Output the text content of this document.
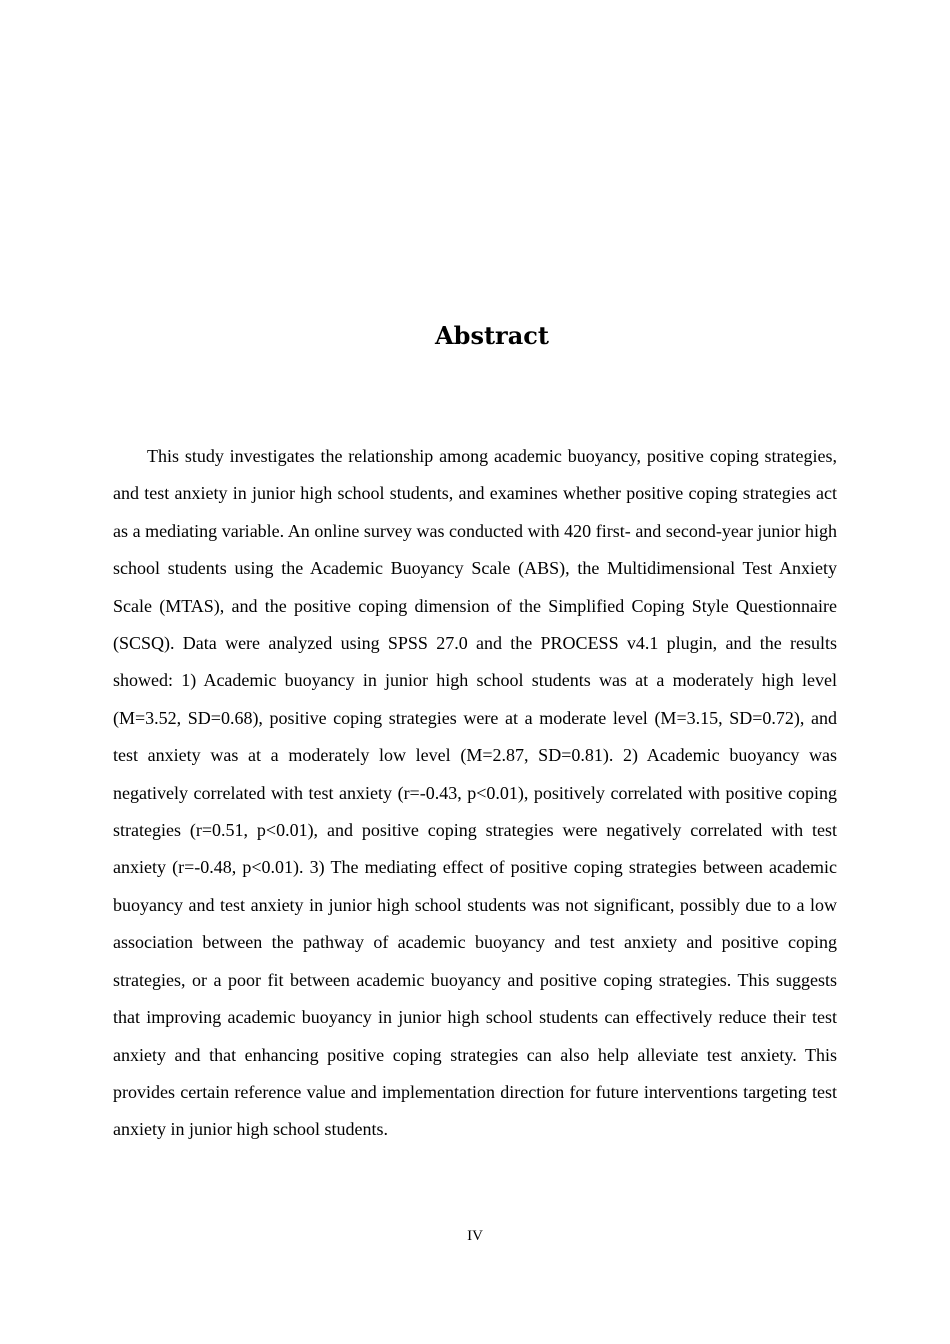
Abstract

This study investigates the relationship among academic buoyancy, positive coping strategies, and test anxiety in junior high school students, and examines whether positive coping strategies act as a mediating variable. An online survey was conducted with 420 first- and second-year junior high school students using the Academic Buoyancy Scale (ABS), the Multidimensional Test Anxiety Scale (MTAS), and the positive coping dimension of the Simplified Coping Style Questionnaire (SCSQ). Data were analyzed using SPSS 27.0 and the PROCESS v4.1 plugin, and the results showed: 1) Academic buoyancy in junior high school students was at a moderately high level (M=3.52, SD=0.68), positive coping strategies were at a moderate level (M=3.15, SD=0.72), and test anxiety was at a moderately low level (M=2.87, SD=0.81). 2) Academic buoyancy was negatively correlated with test anxiety (r=-0.43, p<0.01), positively correlated with positive coping strategies (r=0.51, p<0.01), and positive coping strategies were negatively correlated with test anxiety (r=-0.48, p<0.01). 3) The mediating effect of positive coping strategies between academic buoyancy and test anxiety in junior high school students was not significant, possibly due to a low association between the pathway of academic buoyancy and test anxiety and positive coping strategies, or a poor fit between academic buoyancy and positive coping strategies. This suggests that improving academic buoyancy in junior high school students can effectively reduce their test anxiety and that enhancing positive coping strategies can also help alleviate test anxiety. This provides certain reference value and implementation direction for future interventions targeting test anxiety in junior high school students.

IV
